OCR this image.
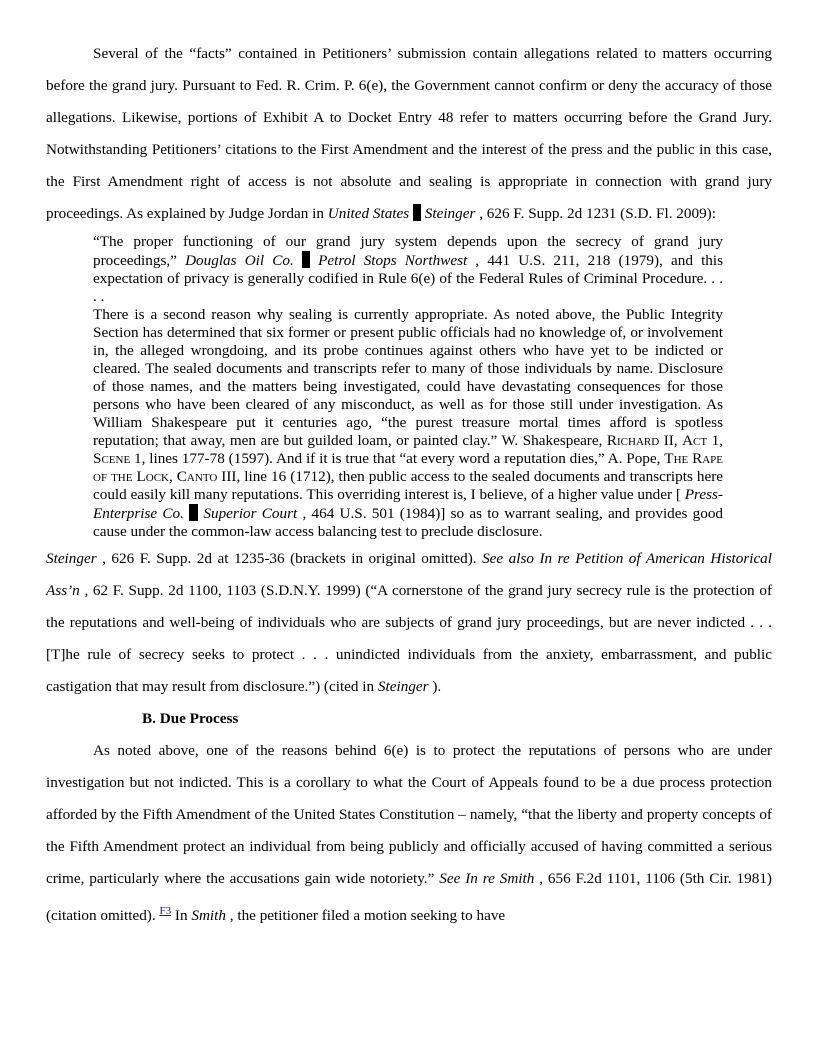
Several of the “facts” contained in Petitioners’ submission contain allegations related to matters occurring before the grand jury. Pursuant to Fed. R. Crim. P. 6(e), the Government cannot confirm or deny the accuracy of those allegations. Likewise, portions of Exhibit A to Docket Entry 48 refer to matters occurring before the Grand Jury. Notwithstanding Petitioners’ citations to the First Amendment and the interest of the press and the public in this case, the First Amendment right of access is not absolute and sealing is appropriate in connection with grand jury proceedings. As explained by Judge Jordan in United States Steinger , 626 F. Supp. 2d 1231 (S.D. Fl. 2009):

“The proper functioning of our grand jury system depends upon the secrecy of grand jury proceedings,” Douglas Oil Co. Petrol Stops Northwest , 441 U.S. 211, 218 (1979), and this expectation of privacy is generally codified in Rule 6(e) of the Federal Rules of Criminal Procedure. . . . .

There is a second reason why sealing is currently appropriate. As noted above, the Public Integrity Section has determined that six former or present public officials had no knowledge of, or involvement in, the alleged wrongdoing, and its probe continues against others who have yet to be indicted or cleared. The sealed documents and transcripts refer to many of those individuals by name. Disclosure of those names, and the matters being investigated, could have devastating consequences for those persons who have been cleared of any misconduct, as well as for those still under investigation. As William Shakespeare put it centuries ago, “the purest treasure mortal times afford is spotless reputation; that away, men are but guilded loam, or painted clay.” W. Shakespeare, Richard II, Act 1, Scene 1, lines 177-78 (1597). And if it is true that “at every word a reputation dies,” A. Pope, The Rape of the Lock, Canto III, line 16 (1712), then public access to the sealed documents and transcripts here could easily kill many reputations. This overriding interest is, I believe, of a higher value under [ Press-Enterprise Co. Superior Court , 464 U.S. 501 (1984)] so as to warrant sealing, and provides good cause under the common-law access balancing test to preclude disclosure.

Steinger , 626 F. Supp. 2d at 1235-36 (brackets in original omitted). See also In re Petition of American Historical Ass’n , 62 F. Supp. 2d 1100, 1103 (S.D.N.Y. 1999) (“A cornerstone of the grand jury secrecy rule is the protection of the reputations and well-being of individuals who are subjects of grand jury proceedings, but are never indicted . . . [T]he rule of secrecy seeks to protect . . . unindicted individuals from the anxiety, embarrassment, and public castigation that may result from disclosure.”) (cited in Steinger ).

B. Due Process

As noted above, one of the reasons behind 6(e) is to protect the reputations of persons who are under investigation but not indicted. This is a corollary to what the Court of Appeals found to be a due process protection afforded by the Fifth Amendment of the United States Constitution – namely, “that the liberty and property concepts of the Fifth Amendment protect an individual from being publicly and officially accused of having committed a serious crime, particularly where the accusations gain wide notoriety.” See In re Smith , 656 F.2d 1101, 1106 (5th Cir. 1981) (citation omitted). $^{F3}$ In Smith , the petitioner filed a motion seeking to have
